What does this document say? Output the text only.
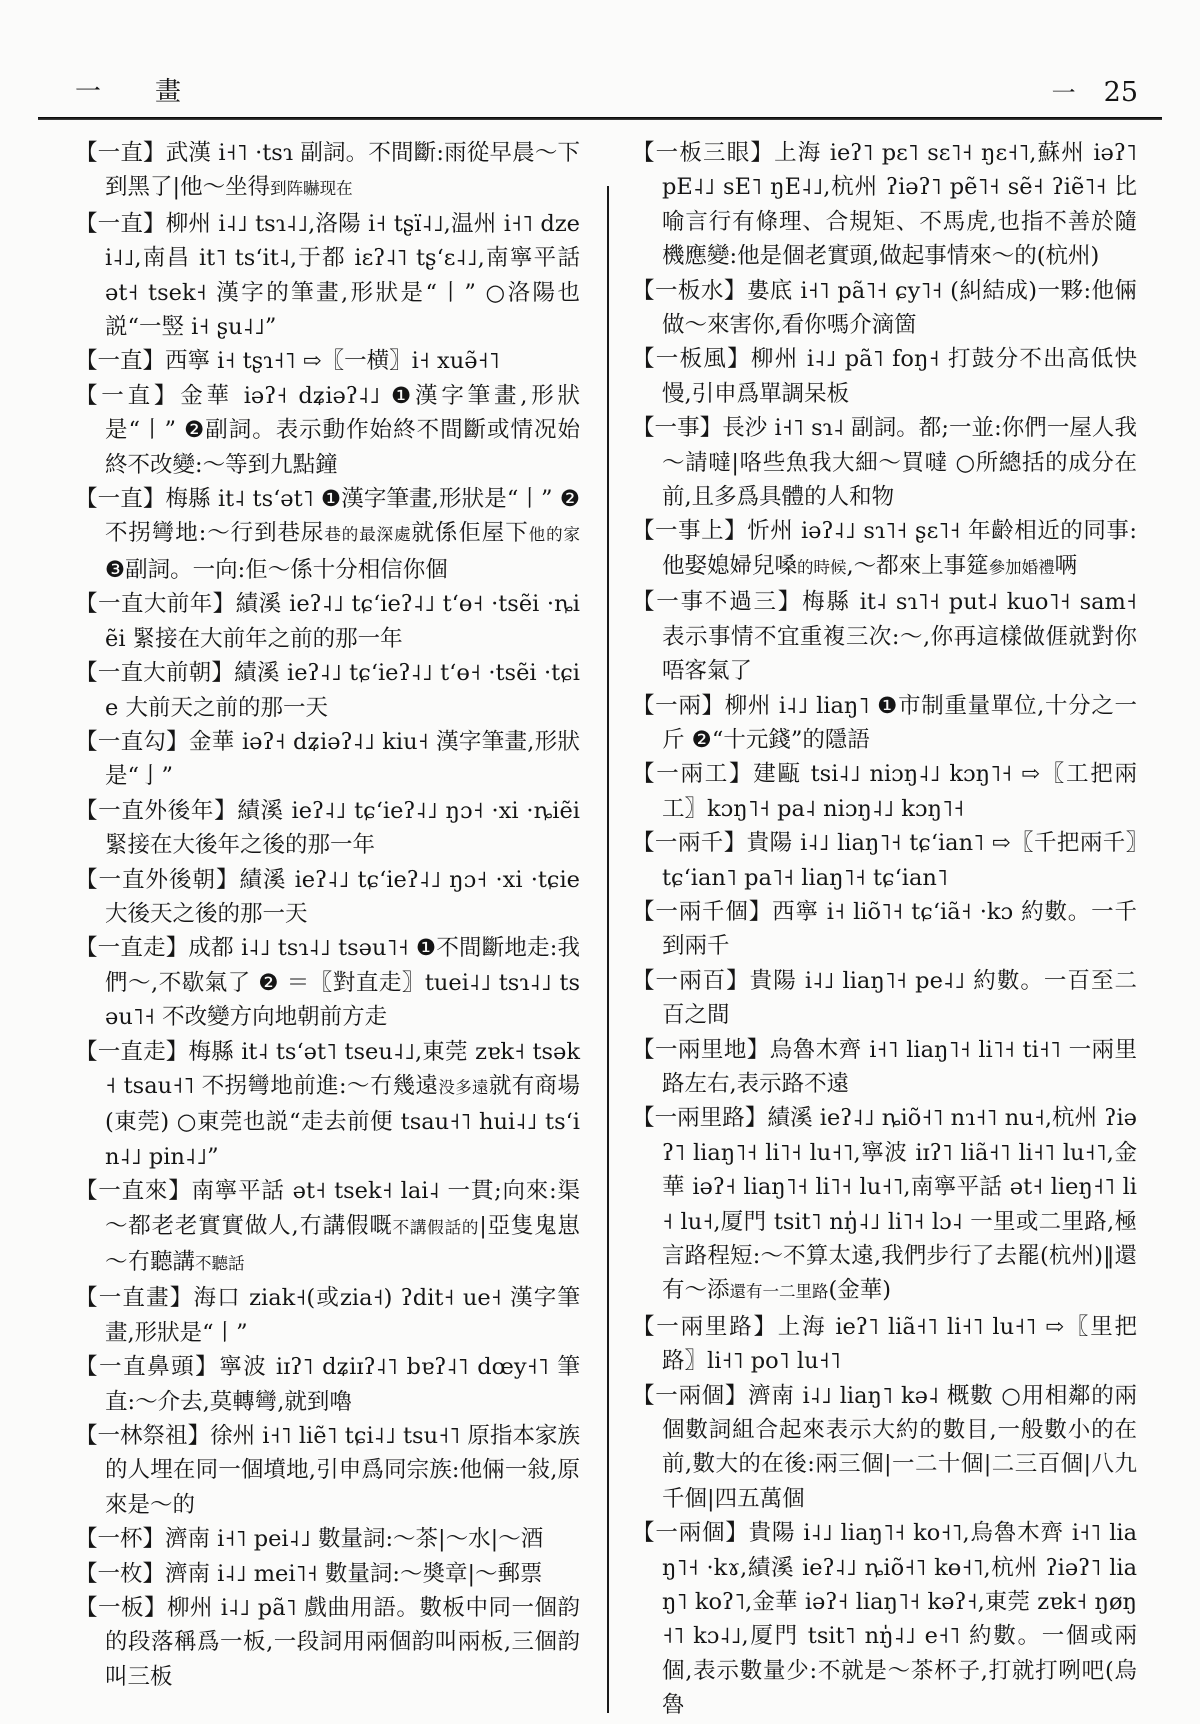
一　畫	一 25

【一直】武漢 i˧˥ ·tsɿ 副詞。不間斷:雨從早晨～下到黑了|他～坐得到阵㬨现在

【一直】柳州 i˨˩ tsɿ˨˩,洛陽 i˧ tʂï˨˩,温州 i˧˥ dzei˨˩,南昌 it˥ tsʻit˨,于都 iɛʔ˨˥ tʂʻɛ˨˩,南寧平話 ət˧ tsek˧ 漢字的筆畫,形狀是“丨” ○洛陽也説“一竪 i˧ ʂu˨˩”

【一直】西寧 i˧ tʂɿ˧˥ ⇨〖一横〗i˧ xuə̃˧˥

【一直】金華 iəʔ˧ dʑiəʔ˨˩ ❶漢字筆畫,形狀是“丨” ❷副詞。表示動作始終不間斷或情况始終不改變:～等到九點鐘

【一直】梅縣 it˨ tsʻət˥ ❶漢字筆畫,形狀是“丨” ❷不拐彎地:～行到巷尿巷的最深處就係佢屋下他的家 ❸副詞。一向:佢～係十分相信你個

【一直大前年】績溪 ieʔ˨˩ tɕʻieʔ˨˩ tʻɵ˧ ·tsẽi ·ȵiẽi 緊接在大前年之前的那一年

【一直大前朝】績溪 ieʔ˨˩ tɕʻieʔ˨˩ tʻɵ˧ ·tsẽi ·tɕie 大前天之前的那一天

【一直勾】金華 iəʔ˧ dʑiəʔ˨˩ kiu˧ 漢字筆畫,形狀是“亅”

【一直外後年】績溪 ieʔ˨˩ tɕʻieʔ˨˩ ŋɔ˧ ·xi ·ȵiẽi 緊接在大後年之後的那一年

【一直外後朝】績溪 ieʔ˨˩ tɕʻieʔ˨˩ ŋɔ˧ ·xi ·tɕie 大後天之後的那一天

【一直走】成都 i˨˩ tsɿ˨˩ tsəu˥˧ ❶不間斷地走:我們～,不歇氣了 ❷ ＝〖對直走〗tuei˨˩ tsɿ˨˩ tsəu˥˧ 不改變方向地朝前方走

【一直走】梅縣 it˨ tsʻət˥ tseu˨˩,東莞 zɐk˧ tsək˧ tsau˧˥ 不拐彎地前進:～冇幾遠没多遠就有商場(東莞) ○東莞也説“走去前便 tsau˧˥ hui˨˩ tsʻin˨˩ pin˨˩”

【一直來】南寧平話 ət˧ tsek˧ lai˨ 一貫;向來:渠～都老老實實做人,冇講假嘅不講假話的|亞隻鬼崽～冇聽講不聽話

【一直畫】海口 ziak˧(或zia˧) ʔdit˧ ue˧ 漢字筆畫,形狀是“丨”

【一直鼻頭】寧波 iɪʔ˥ dʑiɪʔ˨˥ bɐʔ˨˥ dœy˧˥ 筆直:～介去,莫轉彎,就到嚕

【一林祭祖】徐州 i˧˥ liẽ˥ tɕi˨˩ tsu˧˥ 原指本家族的人埋在同一個墳地,引申爲同宗族:他倆一敍,原來是～的

【一杯】濟南 i˧˥ pei˨˩ 數量詞:～茶|～水|～酒

【一枚】濟南 i˨˩ mei˥˧ 數量詞:～奬章|～郵票

【一板】柳州 i˨˩ pã˥ 戲曲用語。數板中同一個韵的段落稱爲一板,一段詞用兩個韵叫兩板,三個韵叫三板

【一板三眼】上海 ieʔ˥ pɛ˥ sɛ˥˧ ŋɛ˧˥,蘇州 iəʔ˥ pE˨˩ sE˥ ŋE˨˩,杭州 ʔiəʔ˥ pẽ˥˧ sẽ˧ ʔiẽ˥˧ 比喻言行有條理、合規矩、不馬虎,也指不善於隨機應變:他是個老實頭,做起事情來～的(杭州)

【一板水】婁底 i˧˥ pã˥˧ ɕy˥˧ (糾結成)一夥:他倆做～來害你,看你嗎介滴箇

【一板風】柳州 i˨˩ pã˥ foŋ˧ 打鼓分不出高低快慢,引申爲單調呆板

【一事】長沙 i˧˥ sɿ˨ 副詞。都;一並:你們一屋人我～請噠|咯些魚我大細～買噠 ○所總括的成分在前,且多爲具體的人和物

【一事上】忻州 iəʔ˨˩ sɿ˥˧ ʂɛ˥˧ 年齡相近的同事:他娶媳婦兒嗓的時候,～都來上事筵參加婚禮唡

【一事不過三】梅縣 it˨ sɿ˥˧ put˨ kuo˥˧ sam˧ 表示事情不宜重複三次:～,你再這樣做𠊎就對你唔客氣了

【一兩】柳州 i˨˩ liaŋ˥ ❶市制重量單位,十分之一斤 ❷“十元錢”的隱語

【一兩工】建甌 tsi˨˩ niɔŋ˨˩ kɔŋ˥˧ ⇨〖工把兩工〗kɔŋ˥˧ pa˨ niɔŋ˨˩ kɔŋ˥˧

【一兩千】貴陽 i˨˩ liaŋ˥˧ tɕʻian˥ ⇨〖千把兩千〗tɕʻian˥ pa˥˧ liaŋ˥˧ tɕʻian˥

【一兩千個】西寧 i˧ liõ˥˧ tɕʻiã˧ ·kɔ 約數。一千到兩千

【一兩百】貴陽 i˨˩ liaŋ˥˧ pe˨˩ 約數。一百至二百之間

【一兩里地】烏魯木齊 i˧˥ liaŋ˥˧ li˥˧ ti˧˥ 一兩里路左右,表示路不遠

【一兩里路】績溪 ieʔ˨˩ ȵiõ˧˥ nɿ˧˥ nu˧,杭州 ʔiəʔ˥ liaŋ˥˧ li˥˧ lu˧˥,寧波 iɪʔ˥ liã˧˥ li˧˥ lu˧˥,金華 iəʔ˧ liaŋ˥˧ li˥˧ lu˧˥,南寧平話 ət˧ lieŋ˧˥ li˧ lu˧,厦門 tsit˥ nŋ̍˨˩ li˥˧ lɔ˨ 一里或二里路,極言路程短:～不算太遠,我們步行了去罷(杭州)‖還有～添還有一二里路(金華)

【一兩里路】上海 ieʔ˥ liã˧˥ li˧˥ lu˧˥ ⇨〖里把路〗li˧˥ po˥ lu˧˥

【一兩個】濟南 i˨˩ liaŋ˥ kə˨ 概數 ○用相鄰的兩個數詞組合起來表示大約的數目,一般數小的在前,數大的在後:兩三個|一二十個|二三百個|八九千個|四五萬個

【一兩個】貴陽 i˨˩ liaŋ˥˧ ko˧˥,烏魯木齊 i˧˥ liaŋ˥˧ ·kɤ,績溪 ieʔ˨˩ ȵiõ˧˥ kɵ˧˥,杭州 ʔiəʔ˥ liaŋ˥ koʔ˥,金華 iəʔ˧ liaŋ˥˧ kəʔ˧,東莞 zɐk˧ ŋøŋ˧˥ kɔ˨˩,厦門 tsit˥ nŋ̍˨˩ e˧˥ 約數。一個或兩個,表示數量少:不就是～茶杯子,打就打咧吧(烏魯
